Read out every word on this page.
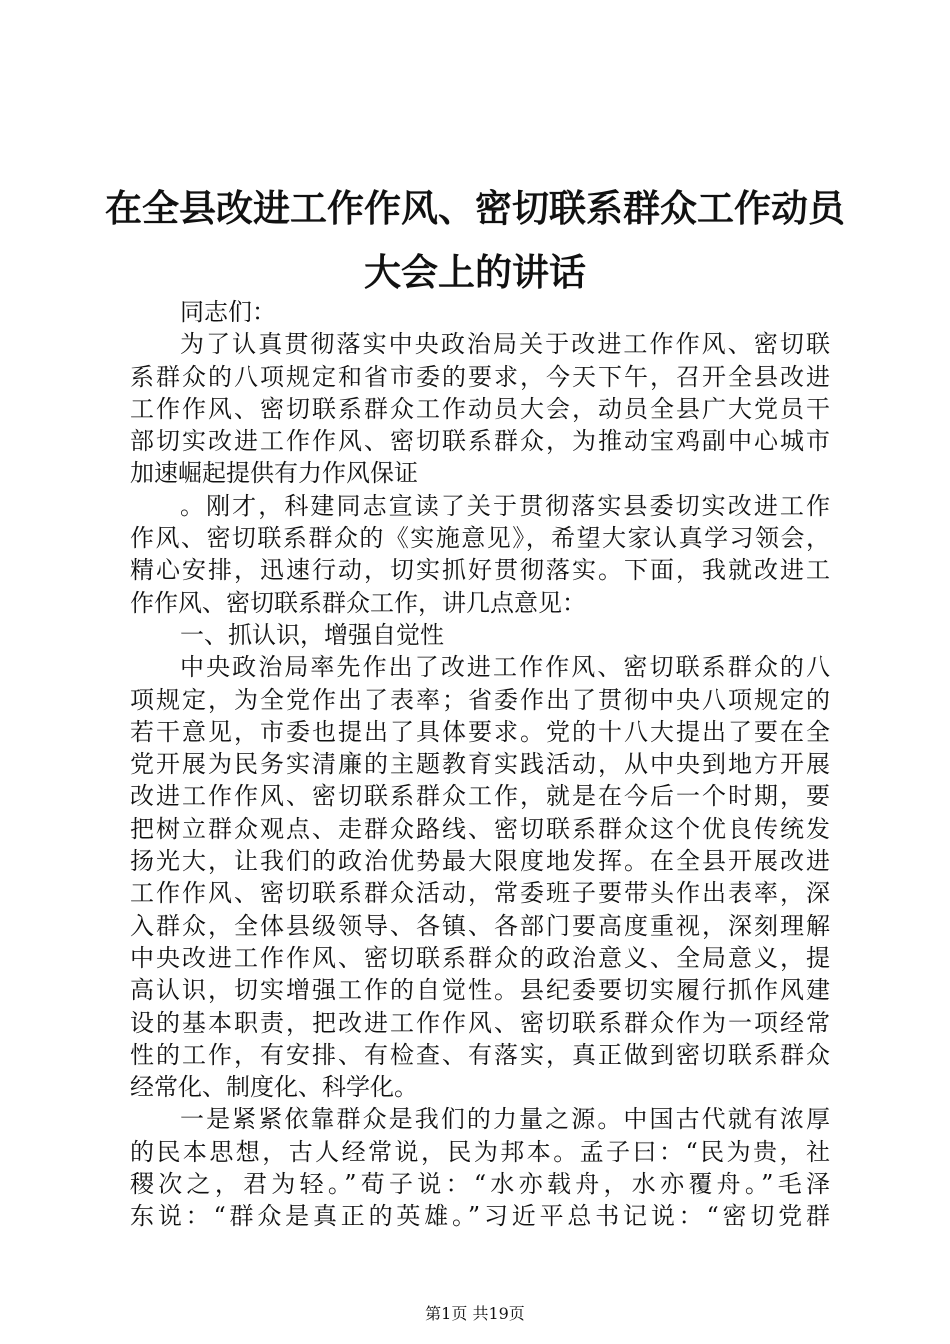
在全县改进工作作风、密切联系群众工作动员
大会上的讲话
同志们：
为了认真贯彻落实中央政治局关于改进工作作风、密切联
系群众的八项规定和省市委的要求，今天下午，召开全县改进
工作作风、密切联系群众工作动员大会，动员全县广大党员干
部切实改进工作作风、密切联系群众，为推动宝鸡副中心城市
加速崛起提供有力作风保证
。刚才，科建同志宣读了关于贯彻落实县委切实改进工作
作风、密切联系群众的《实施意见》，希望大家认真学习领会，
精心安排，迅速行动，切实抓好贯彻落实。下面，我就改进工
作作风、密切联系群众工作，讲几点意见：
一、抓认识，增强自觉性
中央政治局率先作出了改进工作作风、密切联系群众的八
项规定，为全党作出了表率；省委作出了贯彻中央八项规定的
若干意见，市委也提出了具体要求。党的十八大提出了要在全
党开展为民务实清廉的主题教育实践活动，从中央到地方开展
改进工作作风、密切联系群众工作，就是在今后一个时期，要
把树立群众观点、走群众路线、密切联系群众这个优良传统发
扬光大，让我们的政治优势最大限度地发挥。在全县开展改进
工作作风、密切联系群众活动，常委班子要带头作出表率，深
入群众，全体县级领导、各镇、各部门要高度重视，深刻理解
中央改进工作作风、密切联系群众的政治意义、全局意义，提
高认识，切实增强工作的自觉性。县纪委要切实履行抓作风建
设的基本职责，把改进工作作风、密切联系群众作为一项经常
性的工作，有安排、有检查、有落实，真正做到密切联系群众
经常化、制度化、科学化。
一是紧紧依靠群众是我们的力量之源。中国古代就有浓厚
的民本思想，古人经常说，民为邦本。孟子曰：“民为贵，社
稷次之，君为轻。”荀子说：“水亦载舟，水亦覆舟。”毛泽
东说：“群众是真正的英雄。”习近平总书记说：“密切党群
第1页 共19页
